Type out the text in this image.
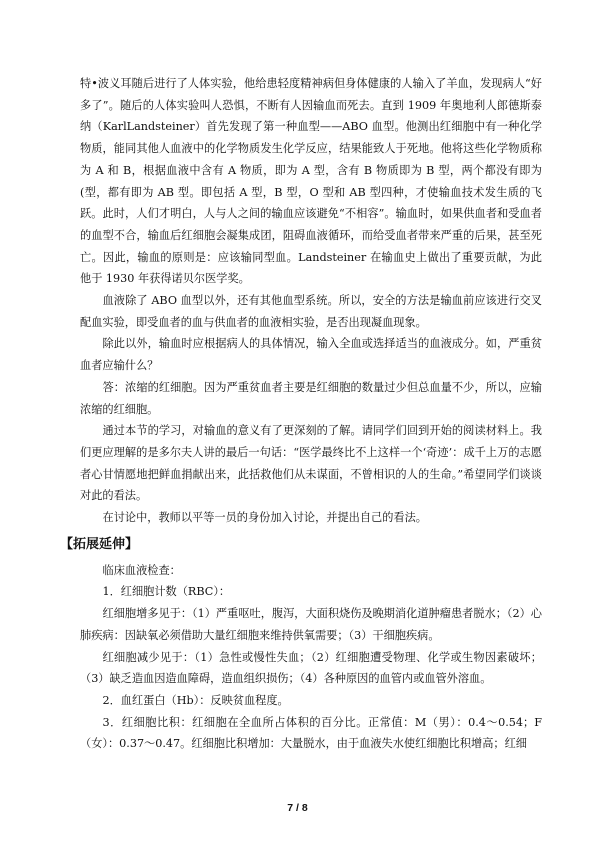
特•波义耳随后进行了人体实验，他给患轻度精神病但身体健康的人输入了羊血，发现病人“好多了”。随后的人体实验叫人恐惧，不断有人因输血而死去。直到 1909 年奥地利人郎德斯泰纳（KarlLandsteiner）首先发现了第一种血型——ABO 血型。他测出红细胞中有一种化学物质，能同其他人血液中的化学物质发生化学反应，结果能致人于死地。他将这些化学物质称为 A 和 B，根据血液中含有 A 物质，即为 A 型，含有 B 物质即为 B 型，两个都没有即为 (型，都有即为 AB 型。即包括 A 型，B 型，O 型和 AB 型四种，才使输血技术发生质的飞跃。此时，人们才明白，人与人之间的输血应该避免“不相容”。输血时，如果供血者和受血者的血型不合，输血后红细胞会凝集成团，阻碍血液循环，而给受血者带来严重的后果，甚至死亡。因此，输血的原则是：应该输同型血。Landsteiner 在输血史上做出了重要贡献，为此他于 1930 年获得诺贝尔医学奖。

血液除了 ABO 血型以外，还有其他血型系统。所以，安全的方法是输血前应该进行交叉配血实验，即受血者的血与供血者的血液相实验，是否出现凝血现象。

除此以外，输血时应根据病人的具体情况，输入全血或选择适当的血液成分。如，严重贫血者应输什么？

答：浓缩的红细胞。因为严重贫血者主要是红细胞的数量过少但总血量不少，所以，应输浓缩的红细胞。

通过本节的学习，对输血的意义有了更深刻的了解。请同学们回到开始的阅读材料上。我们更应理解的是多尔夫人讲的最后一句话：“医学最终比不上这样一个‘奇迹’：成千上万的志愿者心甘情愿地把鲜血捐献出来，此括救他们从未谋面，不曾相识的人的生命。”希望同学们谈谈对此的看法。

在讨论中，教师以平等一员的身份加入讨论，并提出自己的看法。

【拓展延伸】

临床血液检查：

1．红细胞计数（RBC）：

红细胞增多见于：（1）严重呕吐，腹泻，大面积烧伤及晚期消化道肿瘤患者脱水；（2）心肺疾病：因缺氧必须借助大量红细胞来维持供氧需要；（3）干细胞疾病。

红细胞减少见于：（1）急性或慢性失血；（2）红细胞遭受物理、化学或生物因素破坏；（3）缺乏造血因造血障碍，造血组织损伤；（4）各种原因的血管内或血管外溶血。

2．血红蛋白（Hb）：反映贫血程度。

3．红细胞比积：红细胞在全血所占体积的百分比。正常值：M（男）：0.4～0.54；F（女）：0.37～0.47。红细胞比积增加：大量脱水，由于血液失水使红细胞比积增高；红细

7 / 8
